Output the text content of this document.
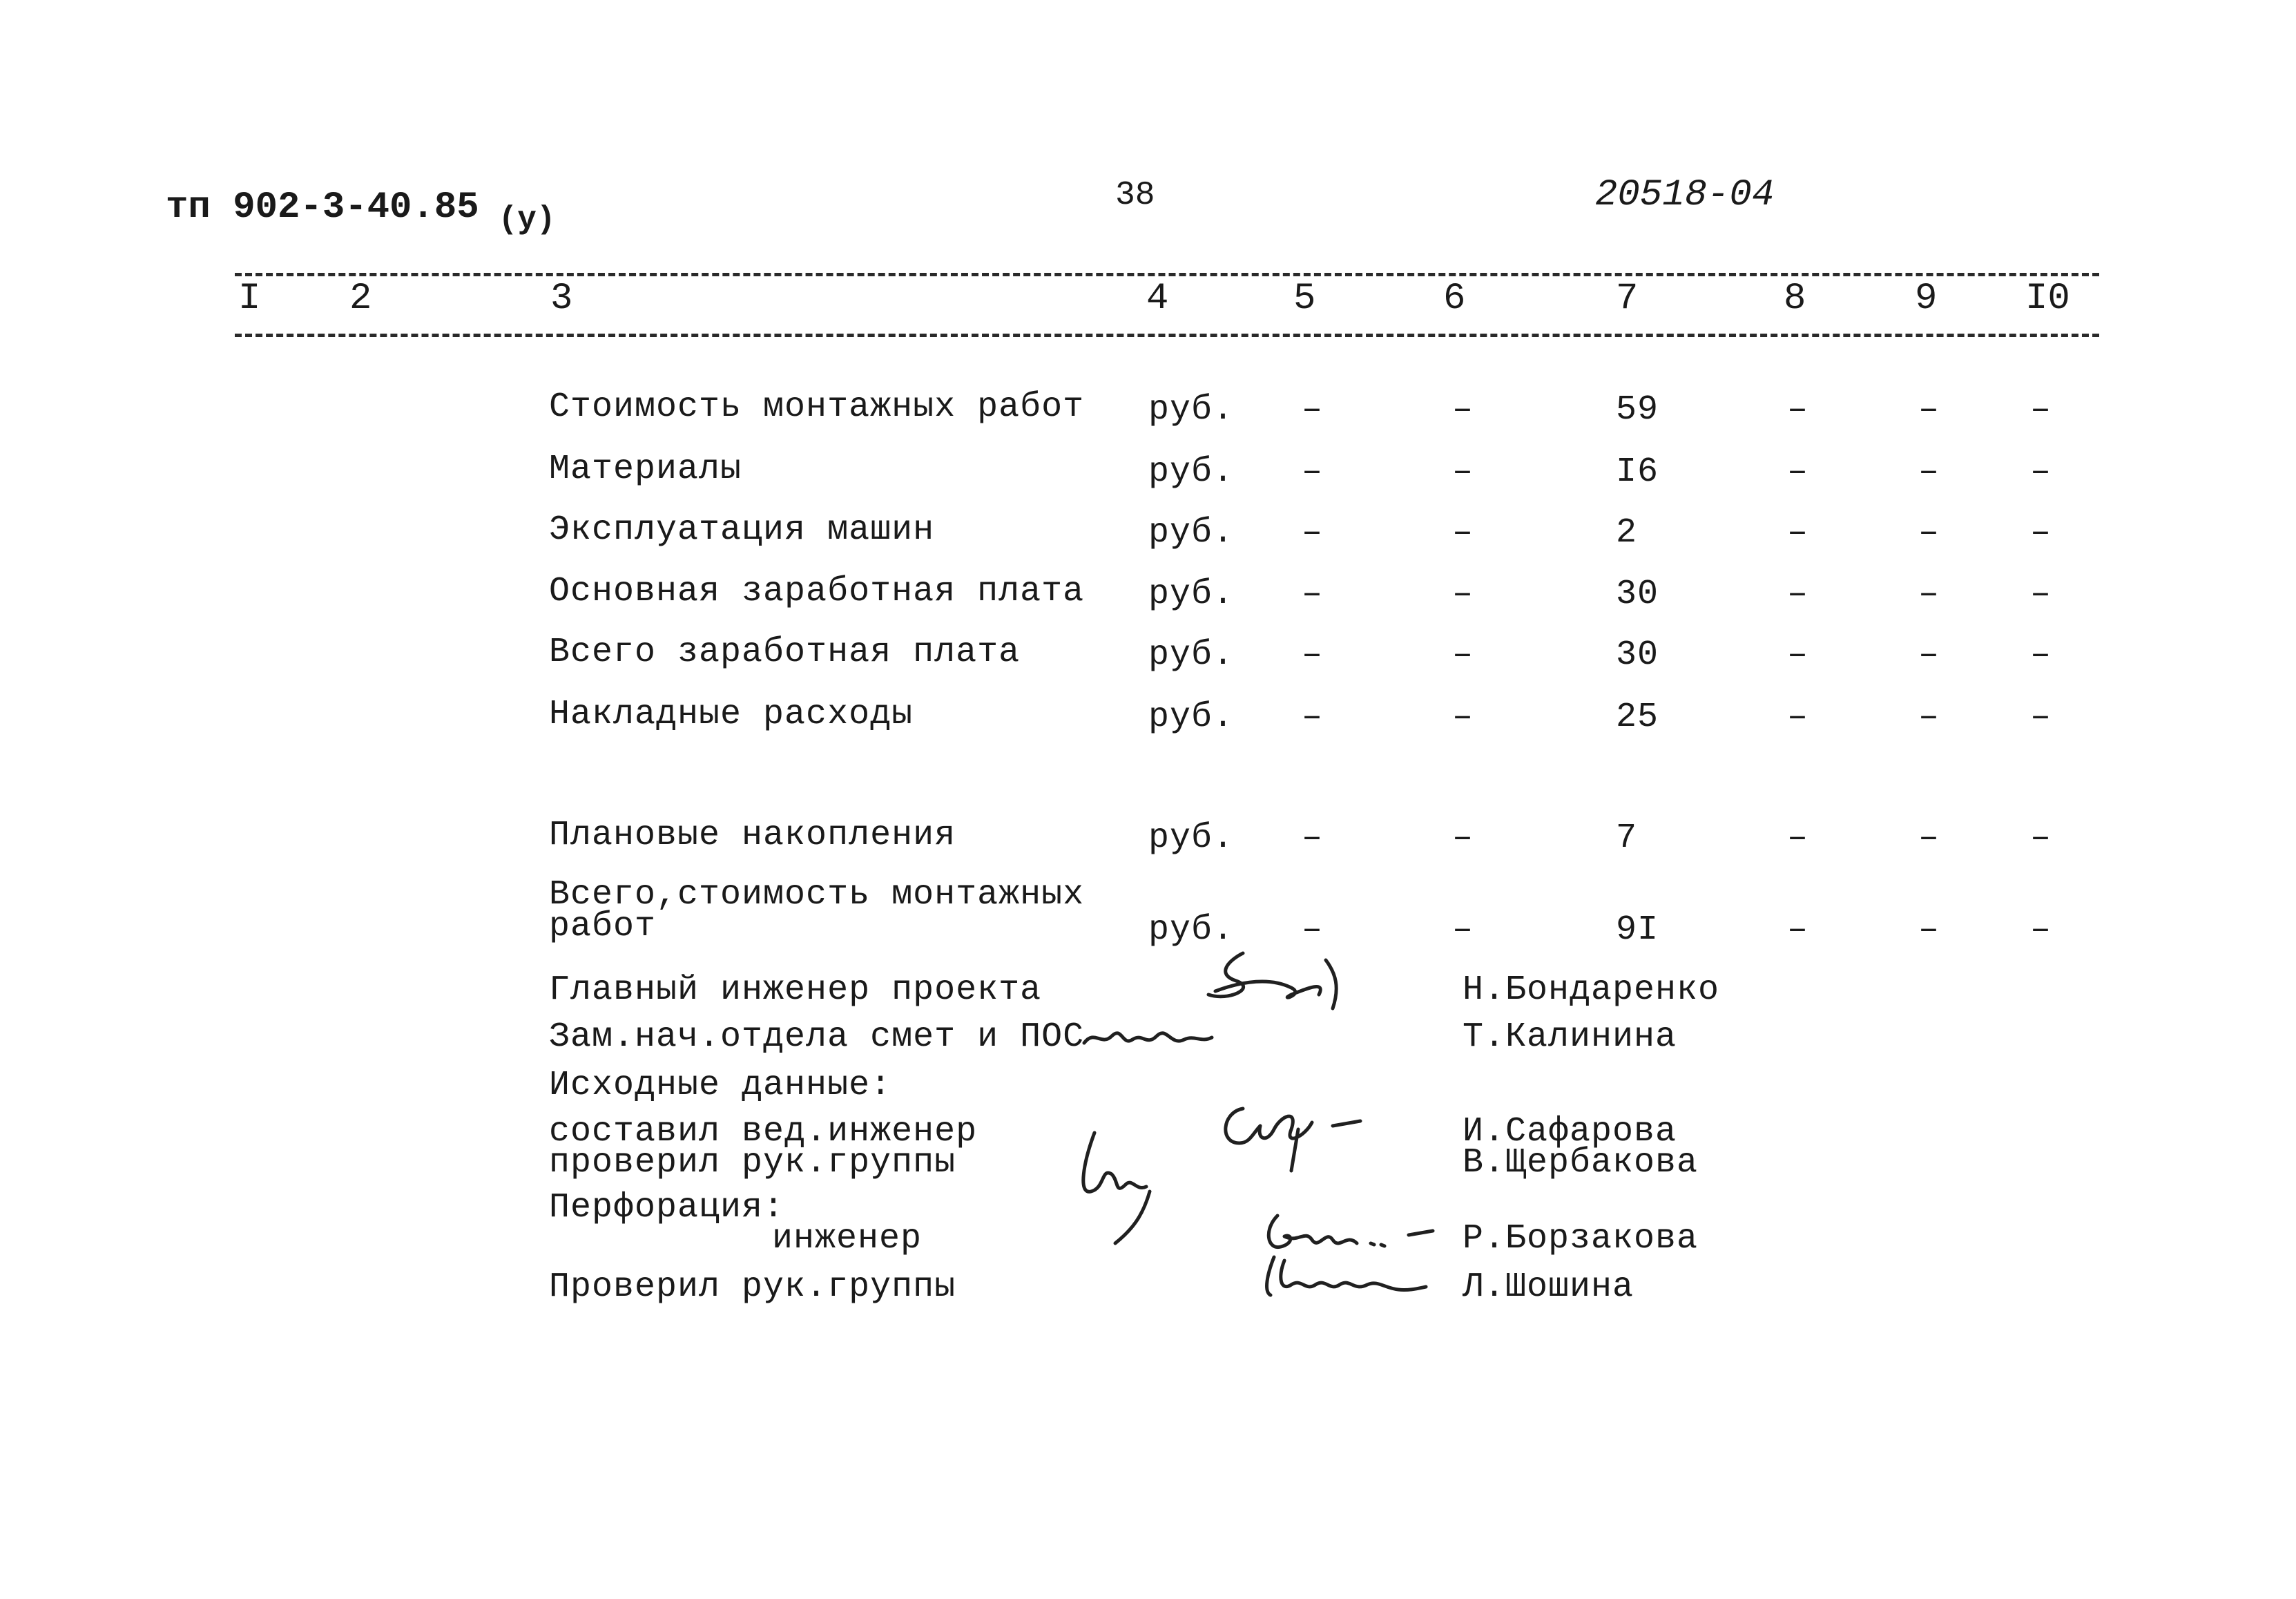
тп 902-3-40.85 (у)
38	20518-04
I 2	3	4	5	6	7	8	9 I0
Стоимость монтажных работ руб. –	–	59	–	–	–
Материалы	руб. –	–	I6	–	–	–
Эксплуатация машин	руб. –	–	2	–	–	–
Основная заработная плата руб. –	–	30	–	–	–
Всего заработная плата	руб. –	–	30	–	–	–
Накладные расходы	руб. –	–	25	–	–	–
Плановые накопления	руб. –	–	7	–	–	–
Всего,стоимость монтажных
работ	руб. –	–	9I	–	–	–
Главный инженер проекта	Н.Бондаренко
Зам.нач.отдела смет и ПОС	Т.Калинина
Исходные данные:
составил вед.инженер	И.Сафарова
проверил рук.группы	В.Щербакова
Перфорация:
инженер	Р.Борзакова
Проверил рук.группы	Л.Шошина
